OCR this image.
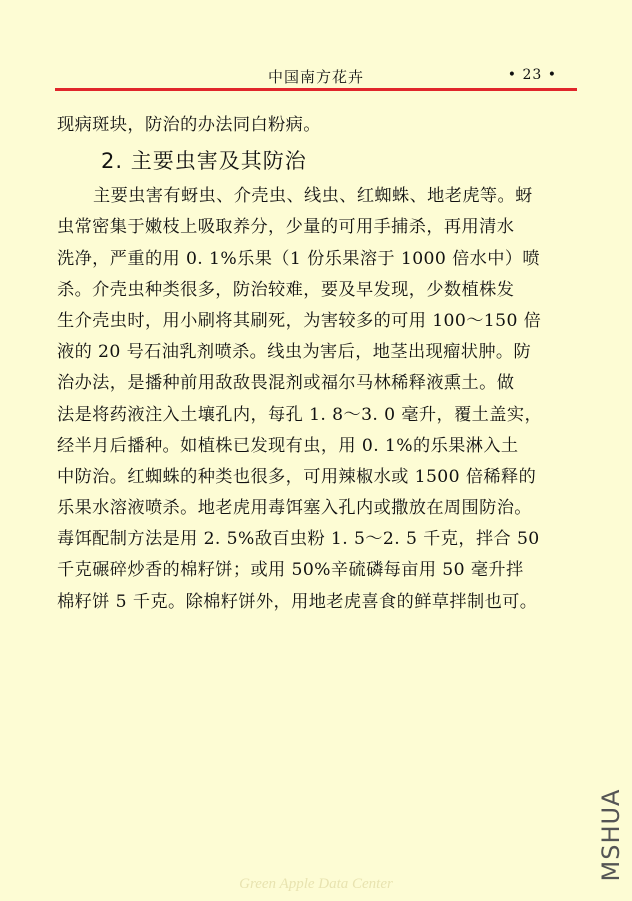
中国南方花卉	• 23 •
现病斑块，防治的办法同白粉病。
2. 主要虫害及其防治
主要虫害有蚜虫、介壳虫、线虫、红蜘蛛、地老虎等。蚜
虫常密集于嫩枝上吸取养分，少量的可用手捕杀，再用清水
洗净，严重的用 0. 1%乐果（1 份乐果溶于 1000 倍水中）喷
杀。介壳虫种类很多，防治较难，要及早发现，少数植株发
生介壳虫时，用小刷将其刷死，为害较多的可用 100～150 倍
液的 20 号石油乳剂喷杀。线虫为害后，地茎出现瘤状肿。防
治办法，是播种前用敌敌畏混剂或福尔马林稀释液熏土。做
法是将药液注入土壤孔内，每孔 1. 8～3. 0 毫升，覆土盖实，
经半月后播种。如植株已发现有虫，用 0. 1%的乐果淋入土
中防治。红蜘蛛的种类也很多，可用辣椒水或 1500 倍稀释的
乐果水溶液喷杀。地老虎用毒饵塞入孔内或撒放在周围防治。
毒饵配制方法是用 2. 5%敌百虫粉 1. 5～2. 5 千克，拌合 50
千克碾碎炒香的棉籽饼；或用 50%辛硫磷每亩用 50 毫升拌
棉籽饼 5 千克。除棉籽饼外，用地老虎喜食的鲜草拌制也可。
Green Apple Data Center
MSHUA
